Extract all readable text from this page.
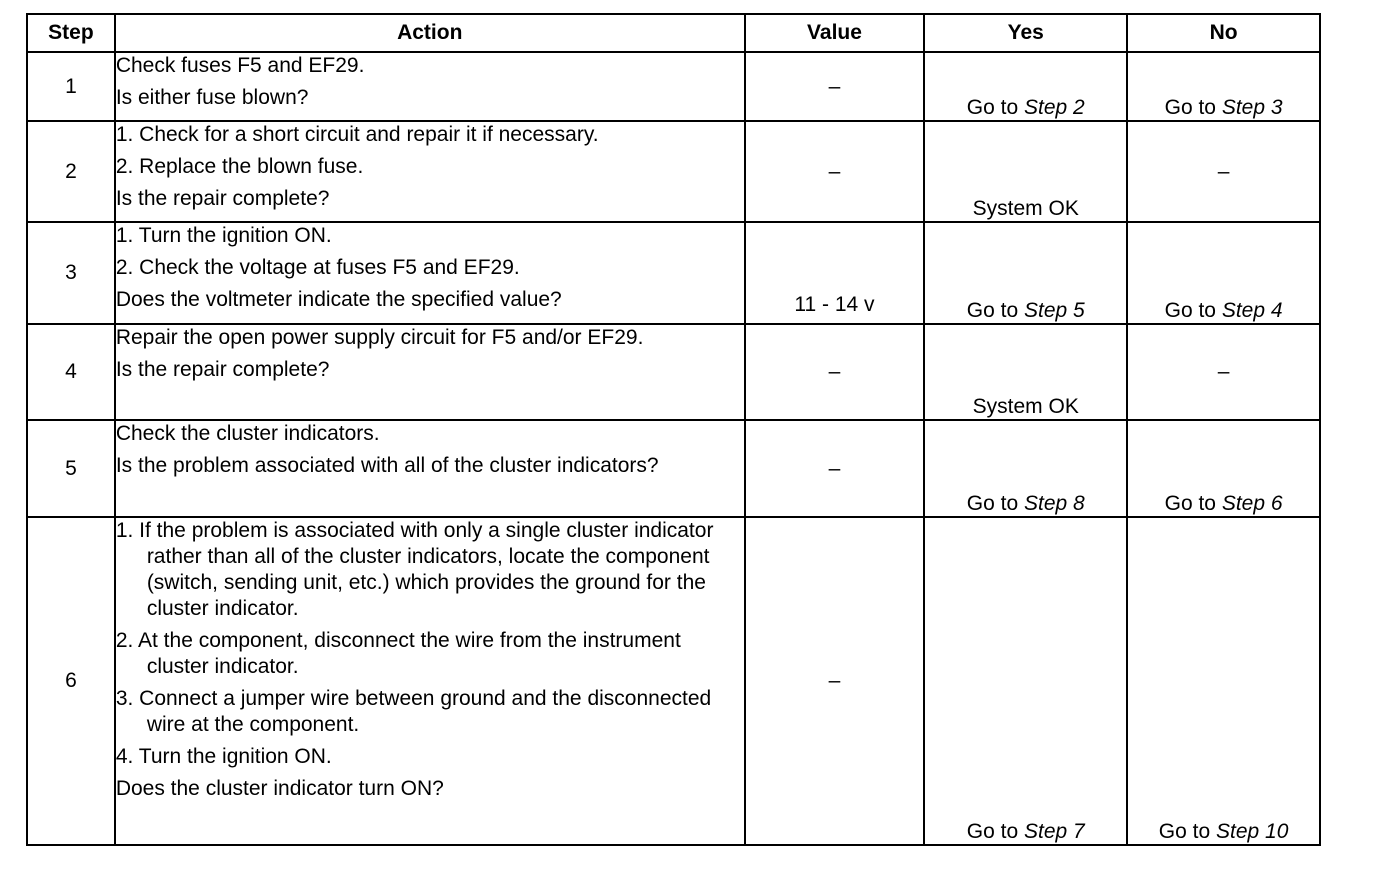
Step	Action	Value	Yes	No
1	Check fuses F5 and EF29.
Is either fuse blown?	–	Go to Step 2	Go to Step 3
2	1. Check for a short circuit and repair it if necessary.
2. Replace the blown fuse.
Is the repair complete?	–	System OK	–
3	1. Turn the ignition ON.
2. Check the voltage at fuses F5 and EF29.
Does the voltmeter indicate the specified value?	11 - 14 v	Go to Step 5	Go to Step 4
4	Repair the open power supply circuit for F5 and/or EF29.
Is the repair complete?	–	System OK	–
5	Check the cluster indicators.
Is the problem associated with all of the cluster indicators?	–	Go to Step 8	Go to Step 6
6	1. If the problem is associated with only a single cluster indicator rather than all of the cluster indicators, locate the component (switch, sending unit, etc.) which provides the ground for the cluster indicator.
2. At the component, disconnect the wire from the instrument cluster indicator.
3. Connect a jumper wire between ground and the disconnected wire at the component.
4. Turn the ignition ON.
Does the cluster indicator turn ON?	–	Go to Step 7	Go to Step 10
